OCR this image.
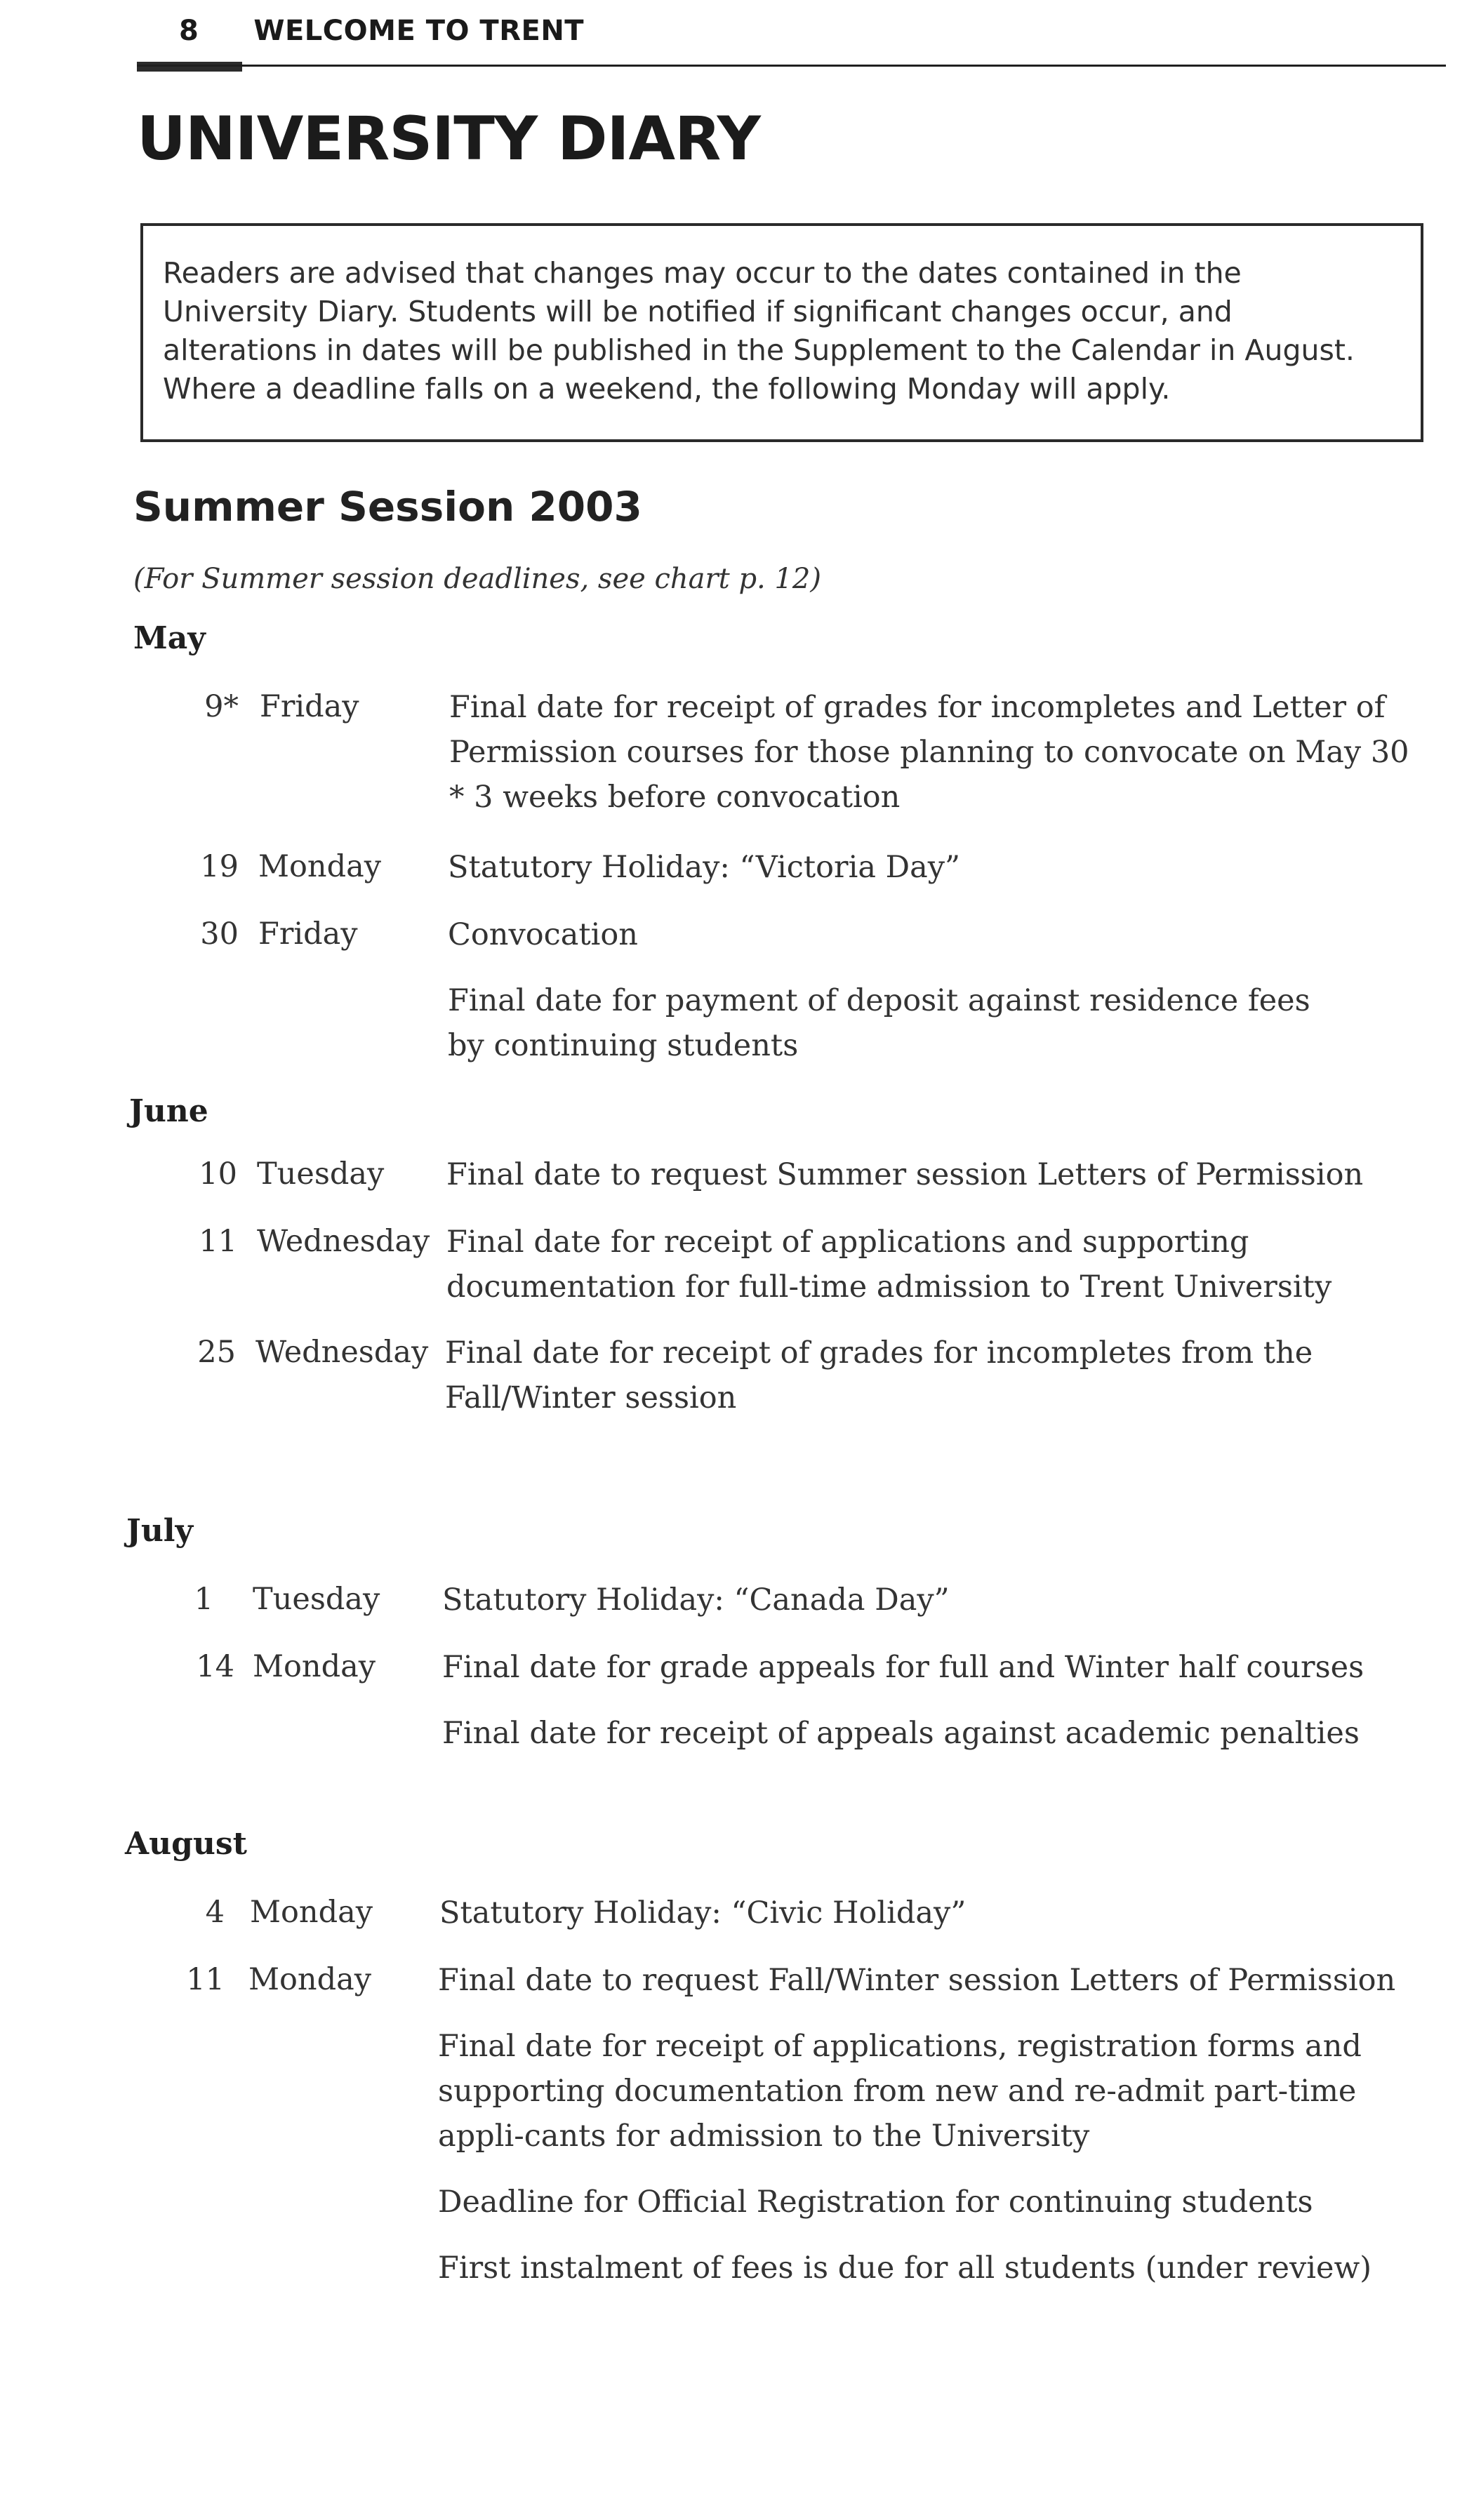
8 WELCOME TO TRENT
UNIVERSITY DIARY
Readers are advised that changes may occur to the dates contained in the University Diary. Students will be notified if significant changes occur, and alterations in dates will be published in the Supplement to the Calendar in August. Where a deadline falls on a weekend, the following Monday will apply.
Summer Session 2003
(For Summer session deadlines, see chart p. 12)
May
9* Friday	Final date for receipt of grades for incompletes and Letter of Permission courses for those planning to convocate on May 30

* 3 weeks before convocation

19 Monday Statutory Holiday: “Victoria Day”

30 Friday	Convocation

Final date for payment of deposit against residence fees by continuing students

June
10 Tuesday Final date to request Summer session Letters of Permission

11 Wednesday Final date for receipt of applications and supporting documentation for full-time admission to Trent University

25 Wednesday Final date for receipt of grades for incompletes from the Fall/Winter session

July
1 Tuesday Statutory Holiday: “Canada Day”

14 Monday Final date for grade appeals for full and Winter half courses

Final date for receipt of appeals against academic penalties

August
4 Monday Statutory Holiday: “Civic Holiday”

11 Monday Final date to request Fall/Winter session Letters of Permission

Final date for receipt of applications, registration forms and supporting documentation from new and re-admit part-time appli-cants for admission to the University

Deadline for Official Registration for continuing students

First instalment of fees is due for all students (under review)
